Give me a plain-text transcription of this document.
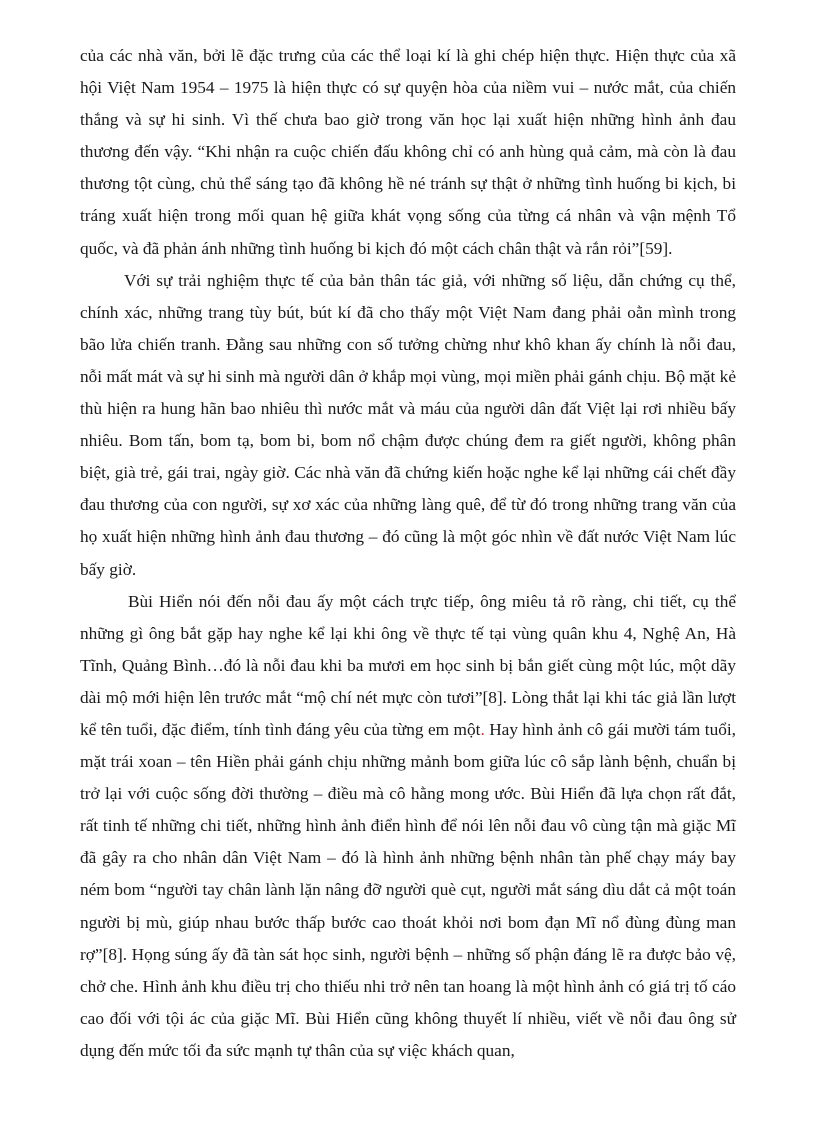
của các nhà văn, bởi lẽ đặc trưng của các thể loại kí là ghi chép hiện thực. Hiện thực của xã hội Việt Nam 1954 – 1975 là hiện thực có sự quyện hòa của niềm vui – nước mắt, của chiến thắng và sự hi sinh. Vì thế chưa bao giờ trong văn học lại xuất hiện những hình ảnh đau thương đến vậy. “Khi nhận ra cuộc chiến đấu không chỉ có anh hùng quả cảm, mà còn là đau thương tột cùng, chủ thể sáng tạo đã không hề né tránh sự thật ở những tình huống bi kịch, bi tráng xuất hiện trong mối quan hệ giữa khát vọng sống của từng cá nhân và vận mệnh Tổ quốc, và đã phản ánh những tình huống bi kịch đó một cách chân thật và rắn rỏi”[59].

Với sự trải nghiệm thực tế của bản thân tác giả, với những số liệu, dẫn chứng cụ thể, chính xác, những trang tùy bút, bút kí đã cho thấy một Việt Nam đang phải oằn mình trong bão lửa chiến tranh. Đằng sau những con số tưởng chừng như khô khan ấy chính là nỗi đau, nỗi mất mát và sự hi sinh mà người dân ở khắp mọi vùng, mọi miền phải gánh chịu. Bộ mặt kẻ thù hiện ra hung hãn bao nhiêu thì nước mắt và máu của người dân đất Việt lại rơi nhiều bấy nhiêu. Bom tấn, bom tạ, bom bi, bom nổ chậm được chúng đem ra giết người, không phân biệt, già trẻ, gái trai, ngày giờ. Các nhà văn đã chứng kiến hoặc nghe kể lại những cái chết đầy đau thương của con người, sự xơ xác của những làng quê, để từ đó trong những trang văn của họ xuất hiện những hình ảnh đau thương – đó cũng là một góc nhìn về đất nước Việt Nam lúc bấy giờ.

Bùi Hiển nói đến nỗi đau ấy một cách trực tiếp, ông miêu tả rõ ràng, chi tiết, cụ thể những gì ông bắt gặp hay nghe kể lại khi ông về thực tế tại vùng quân khu 4, Nghệ An, Hà Tĩnh, Quảng Bình…đó là nỗi đau khi ba mươi em học sinh bị bắn giết cùng một lúc, một dãy dài mộ mới hiện lên trước mắt “mộ chí nét mực còn tươi”[8]. Lòng thắt lại khi tác giả lần lượt kể tên tuổi, đặc điểm, tính tình đáng yêu của từng em một. Hay hình ảnh cô gái mười tám tuổi, mặt trái xoan – tên Hiền phải gánh chịu những mảnh bom giữa lúc cô sắp lành bệnh, chuẩn bị trở lại với cuộc sống đời thường – điều mà cô hằng mong ước. Bùi Hiển đã lựa chọn rất đắt, rất tinh tế những chi tiết, những hình ảnh điển hình để nói lên nỗi đau vô cùng tận mà giặc Mĩ đã gây ra cho nhân dân Việt Nam – đó là hình ảnh những bệnh nhân tàn phế chạy máy bay ném bom “người tay chân lành lặn nâng đỡ người què cụt, người mắt sáng dìu dắt cả một toán người bị mù, giúp nhau bước thấp bước cao thoát khỏi nơi bom đạn Mĩ nổ đùng đùng man rợ”[8]. Họng súng ấy đã tàn sát học sinh, người bệnh – những số phận đáng lẽ ra được bảo vệ, chở che. Hình ảnh khu điều trị cho thiếu nhi trở nên tan hoang là một hình ảnh có giá trị tố cáo cao đối với tội ác của giặc Mĩ. Bùi Hiển cũng không thuyết lí nhiều, viết về nỗi đau ông sử dụng đến mức tối đa sức mạnh tự thân của sự việc khách quan,
